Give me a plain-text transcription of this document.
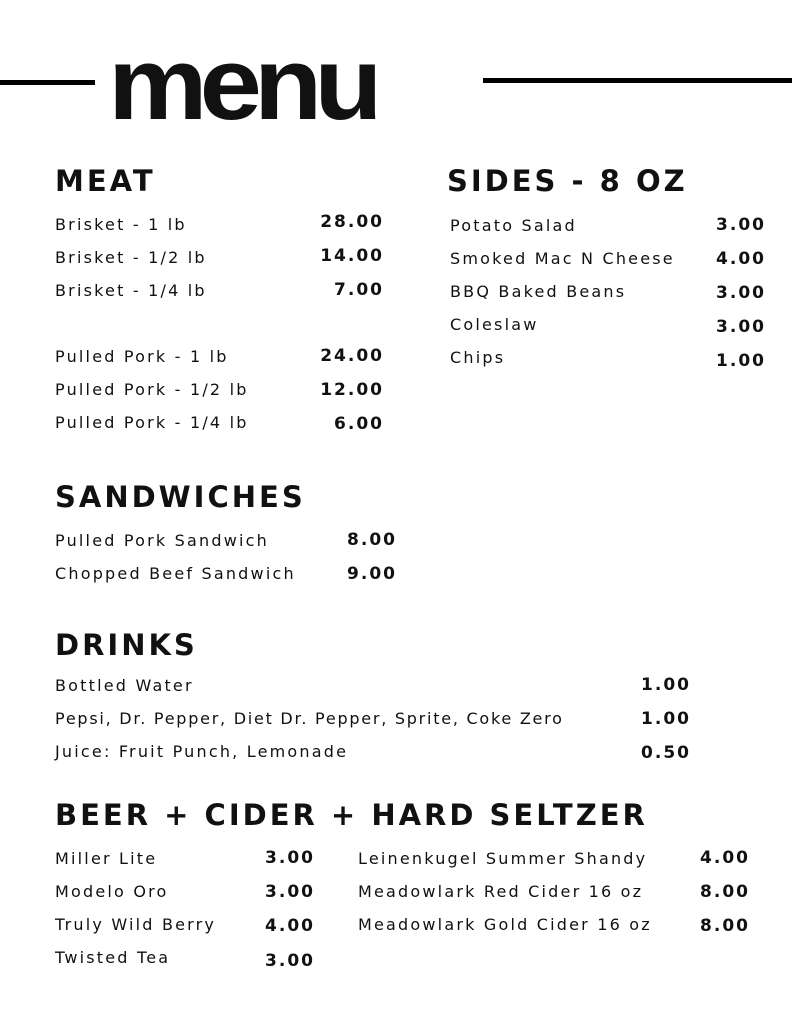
menu
MEAT
Brisket - 1 lb	28.00
Brisket - 1/2 lb	14.00
Brisket - 1/4 lb	7.00
Pulled Pork - 1 lb	24.00
Pulled Pork - 1/2 lb	12.00
Pulled Pork - 1/4 lb	6.00
SIDES - 8 OZ
Potato Salad	3.00
Smoked Mac N Cheese	4.00
BBQ Baked Beans	3.00
Coleslaw	3.00
Chips	1.00
SANDWICHES
Pulled Pork Sandwich	8.00
Chopped Beef Sandwich	9.00
DRINKS
Bottled Water	1.00
Pepsi, Dr. Pepper, Diet Dr. Pepper, Sprite, Coke Zero	1.00
Juice: Fruit Punch, Lemonade	0.50
BEER + CIDER + HARD SELTZER
Miller Lite	3.00
Modelo Oro	3.00
Truly Wild Berry	4.00
Twisted Tea	3.00
Leinenkugel Summer Shandy	4.00
Meadowlark Red Cider 16 oz	8.00
Meadowlark Gold Cider 16 oz	8.00
